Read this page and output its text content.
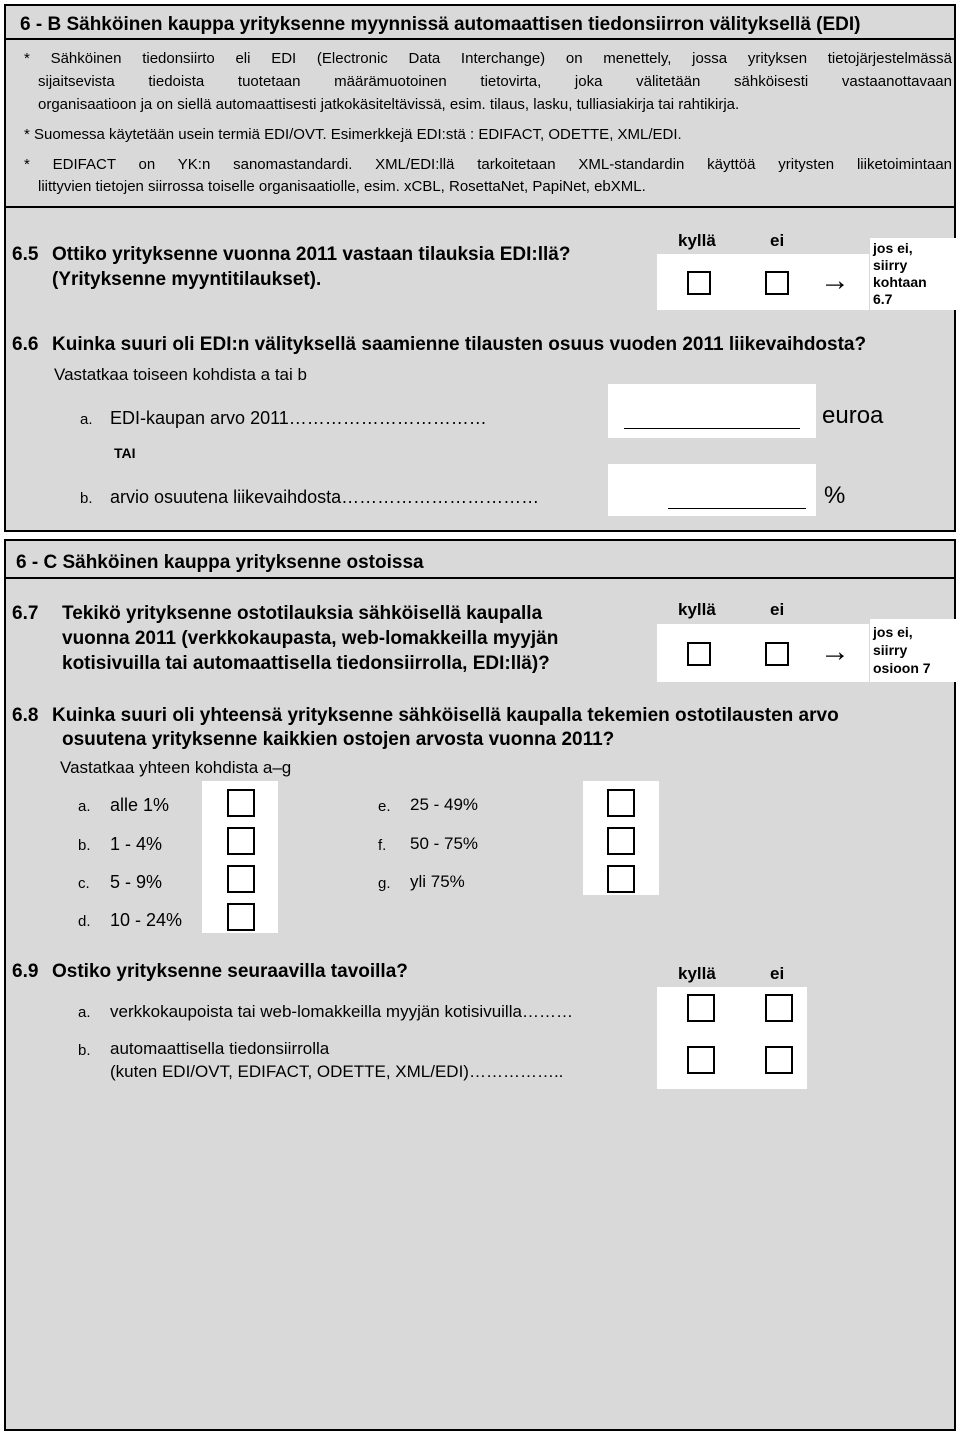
6 - B Sähköinen kauppa yrityksenne myynnissä automaattisen tiedonsiirron välityksellä (EDI)
* Sähköinen tiedonsiirto eli EDI (Electronic Data Interchange) on menettely, jossa yrityksen tietojärjestelmässä
sijaitsevista tiedoista tuotetaan määrämuotoinen tietovirta, joka välitetään sähköisesti vastaanottavaan
organisaatioon ja on siellä automaattisesti jatkokäsiteltävissä, esim. tilaus, lasku, tulliasiakirja tai rahtikirja.
* Suomessa käytetään usein termiä EDI/OVT. Esimerkkejä EDI:stä : EDIFACT, ODETTE, XML/EDI.
* EDIFACT on YK:n sanomastandardi. XML/EDI:llä tarkoitetaan XML-standardin käyttöä yritysten liiketoimintaan
liittyvien tietojen siirrossa toiselle organisaatiolle, esim. xCBL, RosettaNet, PapiNet, ebXML.
6.5 Ottiko yrityksenne vuonna 2011 vastaan tilauksia EDI:llä?
(Yrityksenne myyntitilaukset).
kyllä	ei
→
jos ei,
siirry
kohtaan
6.7
6.6 Kuinka suuri oli EDI:n välityksellä saamienne tilausten osuus vuoden 2011 liikevaihdosta?
Vastatkaa toiseen kohdista a tai b
a. EDI-kaupan arvo 2011……………………………	euroa
TAI
b. arvio osuutena liikevaihdosta……………………………	%
6 - C Sähköinen kauppa yrityksenne ostoissa
6.7 Tekikö yrityksenne ostotilauksia sähköisellä kaupalla
vuonna 2011 (verkkokaupasta, web-lomakkeilla myyjän
kotisivuilla tai automaattisella tiedonsiirrolla, EDI:llä)?
kyllä	ei
→
jos ei,
siirry
osioon 7
6.8 Kuinka suuri oli yhteensä yrityksenne sähköisellä kaupalla tekemien ostotilausten arvo
osuutena yrityksenne kaikkien ostojen arvosta vuonna 2011?
Vastatkaa yhteen kohdista a–g
a. alle 1%
b. 1 - 4%
c. 5 - 9%
d. 10 - 24%
e. 25 - 49%
f. 50 - 75%
g. yli 75%
6.9 Ostiko yrityksenne seuraavilla tavoilla?	kyllä	ei
a. verkkokaupoista tai web-lomakkeilla myyjän kotisivuilla………
b. automaattisella tiedonsiirrolla
(kuten EDI/OVT, EDIFACT, ODETTE, XML/EDI)……………..
